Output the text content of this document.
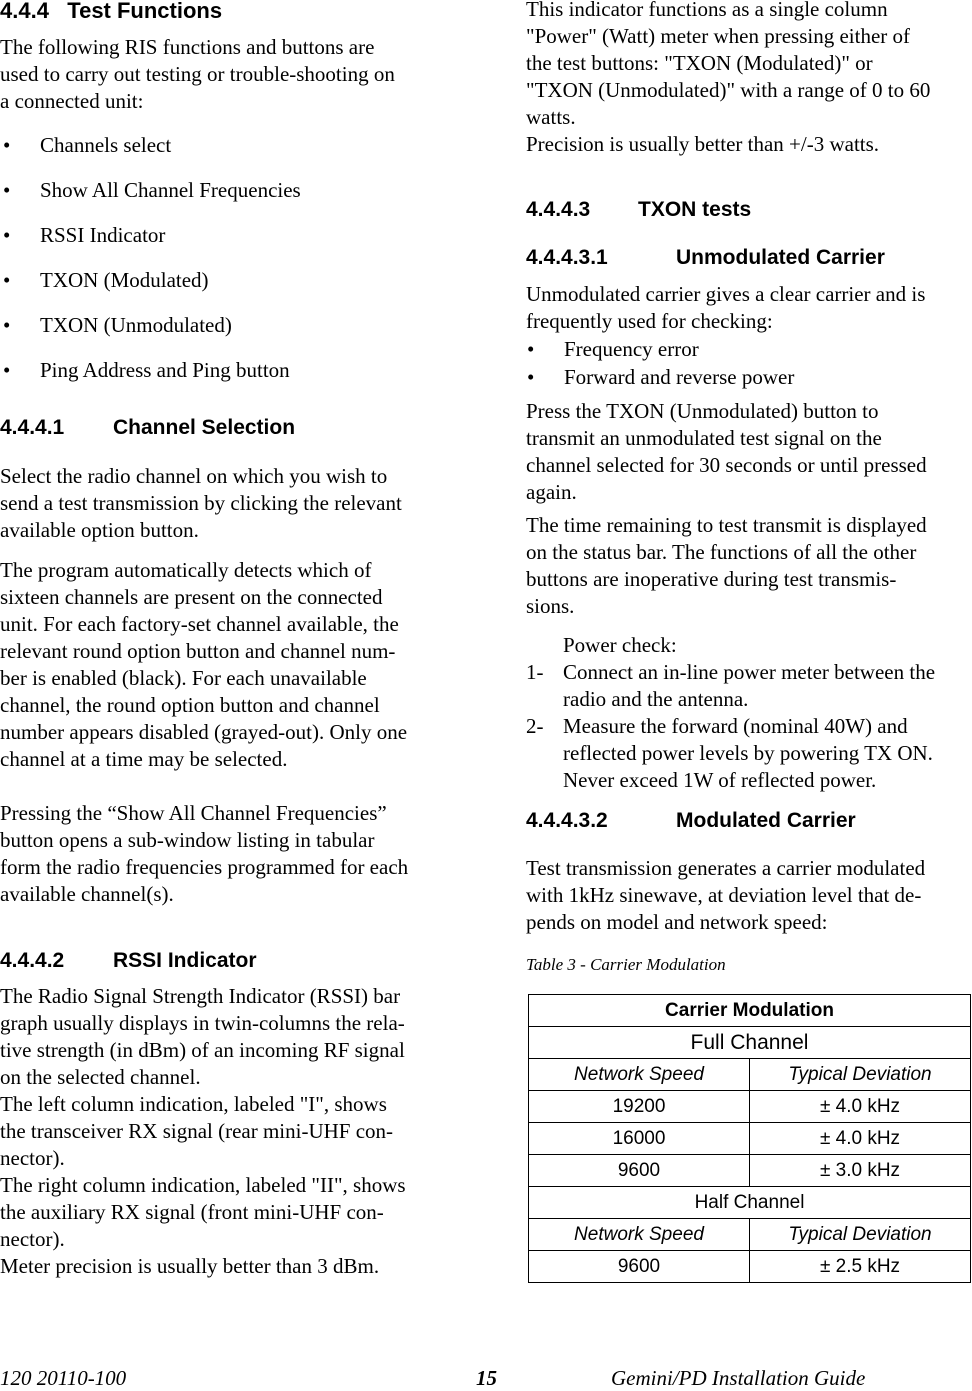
4.4.4 Test Functions
The following RIS functions and buttons are
used to carry out testing or trouble-shooting on
a connected unit:
• Channels select
• Show All Channel Frequencies
• RSSI Indicator
• TXON (Modulated)
• TXON (Unmodulated)
• Ping Address and Ping button
4.4.4.1 Channel Selection
Select the radio channel on which you wish to
send a test transmission by clicking the relevant
available option button.
The program automatically detects which of
sixteen channels are present on the connected
unit. For each factory-set channel available, the
relevant round option button and channel num-
ber is enabled (black). For each unavailable
channel, the round option button and channel
number appears disabled (grayed-out). Only one
channel at a time may be selected.
Pressing the “Show All Channel Frequencies”
button opens a sub-window listing in tabular
form the radio frequencies programmed for each
available channel(s).
4.4.4.2 RSSI Indicator
The Radio Signal Strength Indicator (RSSI) bar
graph usually displays in twin-columns the rela-
tive strength (in dBm) of an incoming RF signal
on the selected channel.
The left column indication, labeled "I", shows
the transceiver RX signal (rear mini-UHF con-
nector).
The right column indication, labeled "II", shows
the auxiliary RX signal (front mini-UHF con-
nector).
Meter precision is usually better than 3 dBm.
This indicator functions as a single column
"Power" (Watt) meter when pressing either of
the test buttons: "TXON (Modulated)" or
"TXON (Unmodulated)" with a range of 0 to 60
watts.
Precision is usually better than +/-3 watts.
4.4.4.3 TXON tests
4.4.4.3.1	Unmodulated Carrier
Unmodulated carrier gives a clear carrier and is
frequently used for checking:
• Frequency error
• Forward and reverse power
Press the TXON (Unmodulated) button to
transmit an unmodulated test signal on the
channel selected for 30 seconds or until pressed
again.
The time remaining to test transmit is displayed
on the status bar. The functions of all the other
buttons are inoperative during test transmis-
sions.
Power check:
1- Connect an in-line power meter between the
radio and the antenna.
2- Measure the forward (nominal 40W) and
reflected power levels by powering TX ON.
Never exceed 1W of reflected power.
4.4.4.3.2	Modulated Carrier
Test transmission generates a carrier modulated
with 1kHz sinewave, at deviation level that de-
pends on model and network speed:
Table 3 - Carrier Modulation
Carrier Modulation	
Full Channel	
Network Speed	Typical Deviation
19200	± 4.0 kHz
16000	± 4.0 kHz
9600	± 3.0 kHz
Half Channel	
Network Speed	Typical Deviation
9600	± 2.5 kHz
120 20110-100	15	Gemini/PD Installation Guide
